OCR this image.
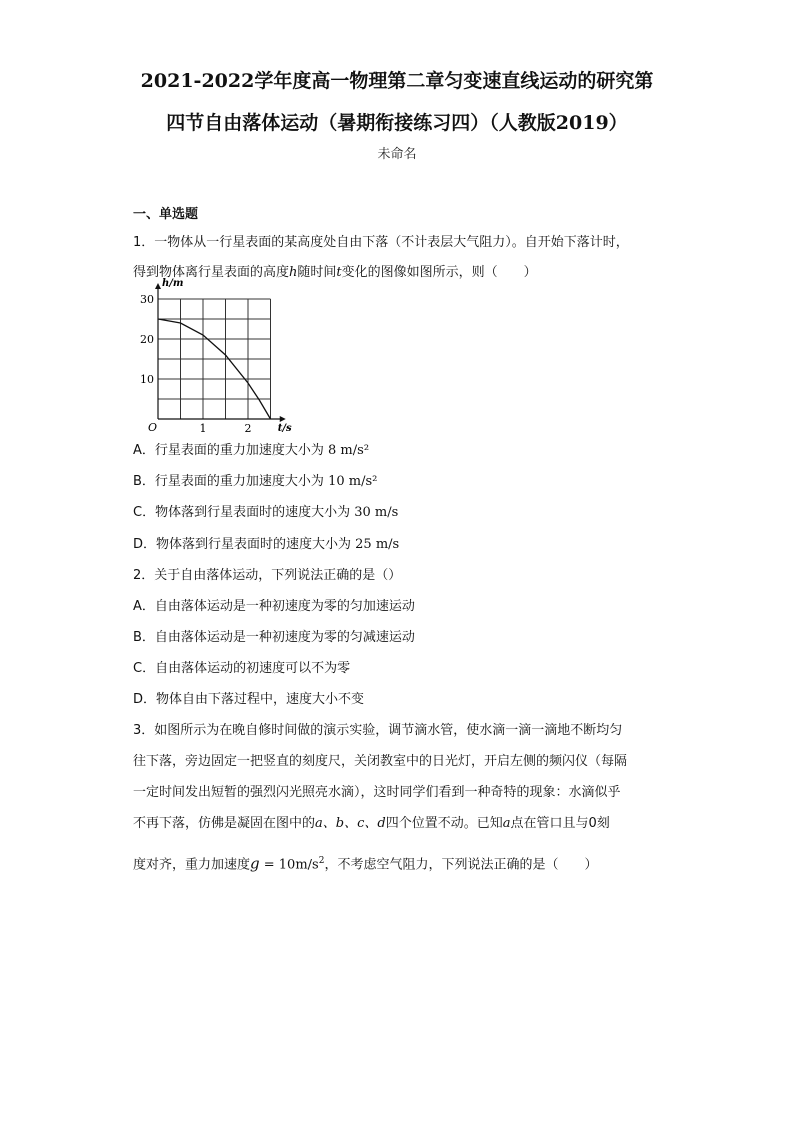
2021-2022学年度高一物理第二章匀变速直线运动的研究第
四节自由落体运动（暑期衔接练习四）（人教版2019）
未命名
一、单选题
1．一物体从一行星表面的某高度处自由下落（不计表层大气阻力）。自开始下落计时，
得到物体离行星表面的高度h随时间t变化的图像如图所示，则（　　）
10
20
30
1	2
O
h/m
t/s
A．行星表面的重力加速度大小为 8 m/s²
B．行星表面的重力加速度大小为 10 m/s²
C．物体落到行星表面时的速度大小为 30 m/s
D．物体落到行星表面时的速度大小为 25 m/s
2．关于自由落体运动，下列说法正确的是（）
A．自由落体运动是一种初速度为零的匀加速运动
B．自由落体运动是一种初速度为零的匀减速运动
C．自由落体运动的初速度可以不为零
D．物体自由下落过程中，速度大小不变
3．如图所示为在晚自修时间做的演示实验，调节滴水管，使水滴一滴一滴地不断均匀
往下落，旁边固定一把竖直的刻度尺，关闭教室中的日光灯，开启左侧的频闪仪（每隔
一定时间发出短暂的强烈闪光照亮水滴），这时同学们看到一种奇特的现象：水滴似乎
不再下落，仿佛是凝固在图中的a、b、c、d四个位置不动。已知a点在管口且与0刻
度对齐，重力加速度$g = 10m/s^2$，不考虑空气阻力，下列说法正确的是（　　）
